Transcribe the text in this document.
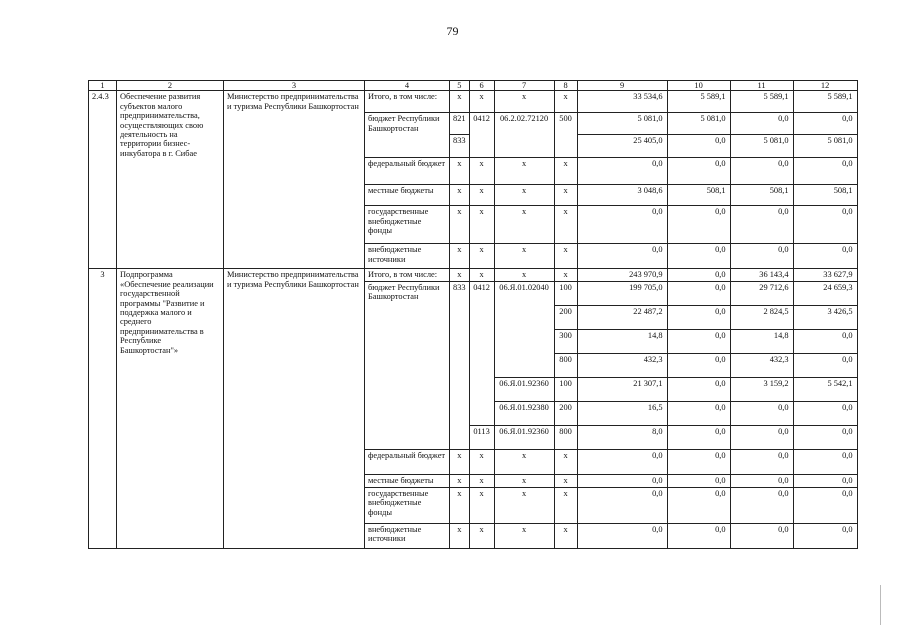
79
1	2	3	4	5	6	7	8	9	10	11	12
2.4.3	Обеспечение развития субъектов малого предпринимательства, осуществляющих свою деятельность на территории бизнес-инкубатора в г. Сибае	Министерство предпринимательства и туризма Республики Башкортостан	Итого, в том числе:	x	x	x	x	33 534,6	5 589,1	5 589,1	5 589,1
			бюджет Республики Башкортостан	821	0412	06.2.02.72120	500	5 081,0	5 081,0	0,0	0,0
				833				25 405,0	0,0	5 081,0	5 081,0
			федеральный бюджет	x	x	x	x	0,0	0,0	0,0	0,0
			местные бюджеты	x	x	x	x	3 048,6	508,1	508,1	508,1
			государственные внебюджетные фонды	x	x	x	x	0,0	0,0	0,0	0,0
			внебюджетные источники	x	x	x	x	0,0	0,0	0,0	0,0
3	Подпрограмма «Обеспечение реализации государственной программы "Развитие и поддержка малого и среднего предпринимательства в Республике Башкортостан"»	Министерство предпринимательства и туризма Республики Башкортостан	Итого, в том числе:	x	x	x	x	243 970,9	0,0	36 143,4	33 627,9
			бюджет Республики Башкортостан	833	0412	06.Я.01.02040	100	199 705,0	0,0	29 712,6	24 659,3
							200	22 487,2	0,0	2 824,5	3 426,5
							300	14,8	0,0	14,8	0,0
							800	432,3	0,0	432,3	0,0
						06.Я.01.92360	100	21 307,1	0,0	3 159,2	5 542,1
						06.Я.01.92380	200	16,5	0,0	0,0	0,0
					0113	06.Я.01.92360	800	8,0	0,0	0,0	0,0
			федеральный бюджет	x	x	x	x	0,0	0,0	0,0	0,0
			местные бюджеты	x	x	x	x	0,0	0,0	0,0	0,0
			государственные внебюджетные фонды	x	x	x	x	0,0	0,0	0,0	0,0
			внебюджетные источники	x	x	x	x	0,0	0,0	0,0	0,0
